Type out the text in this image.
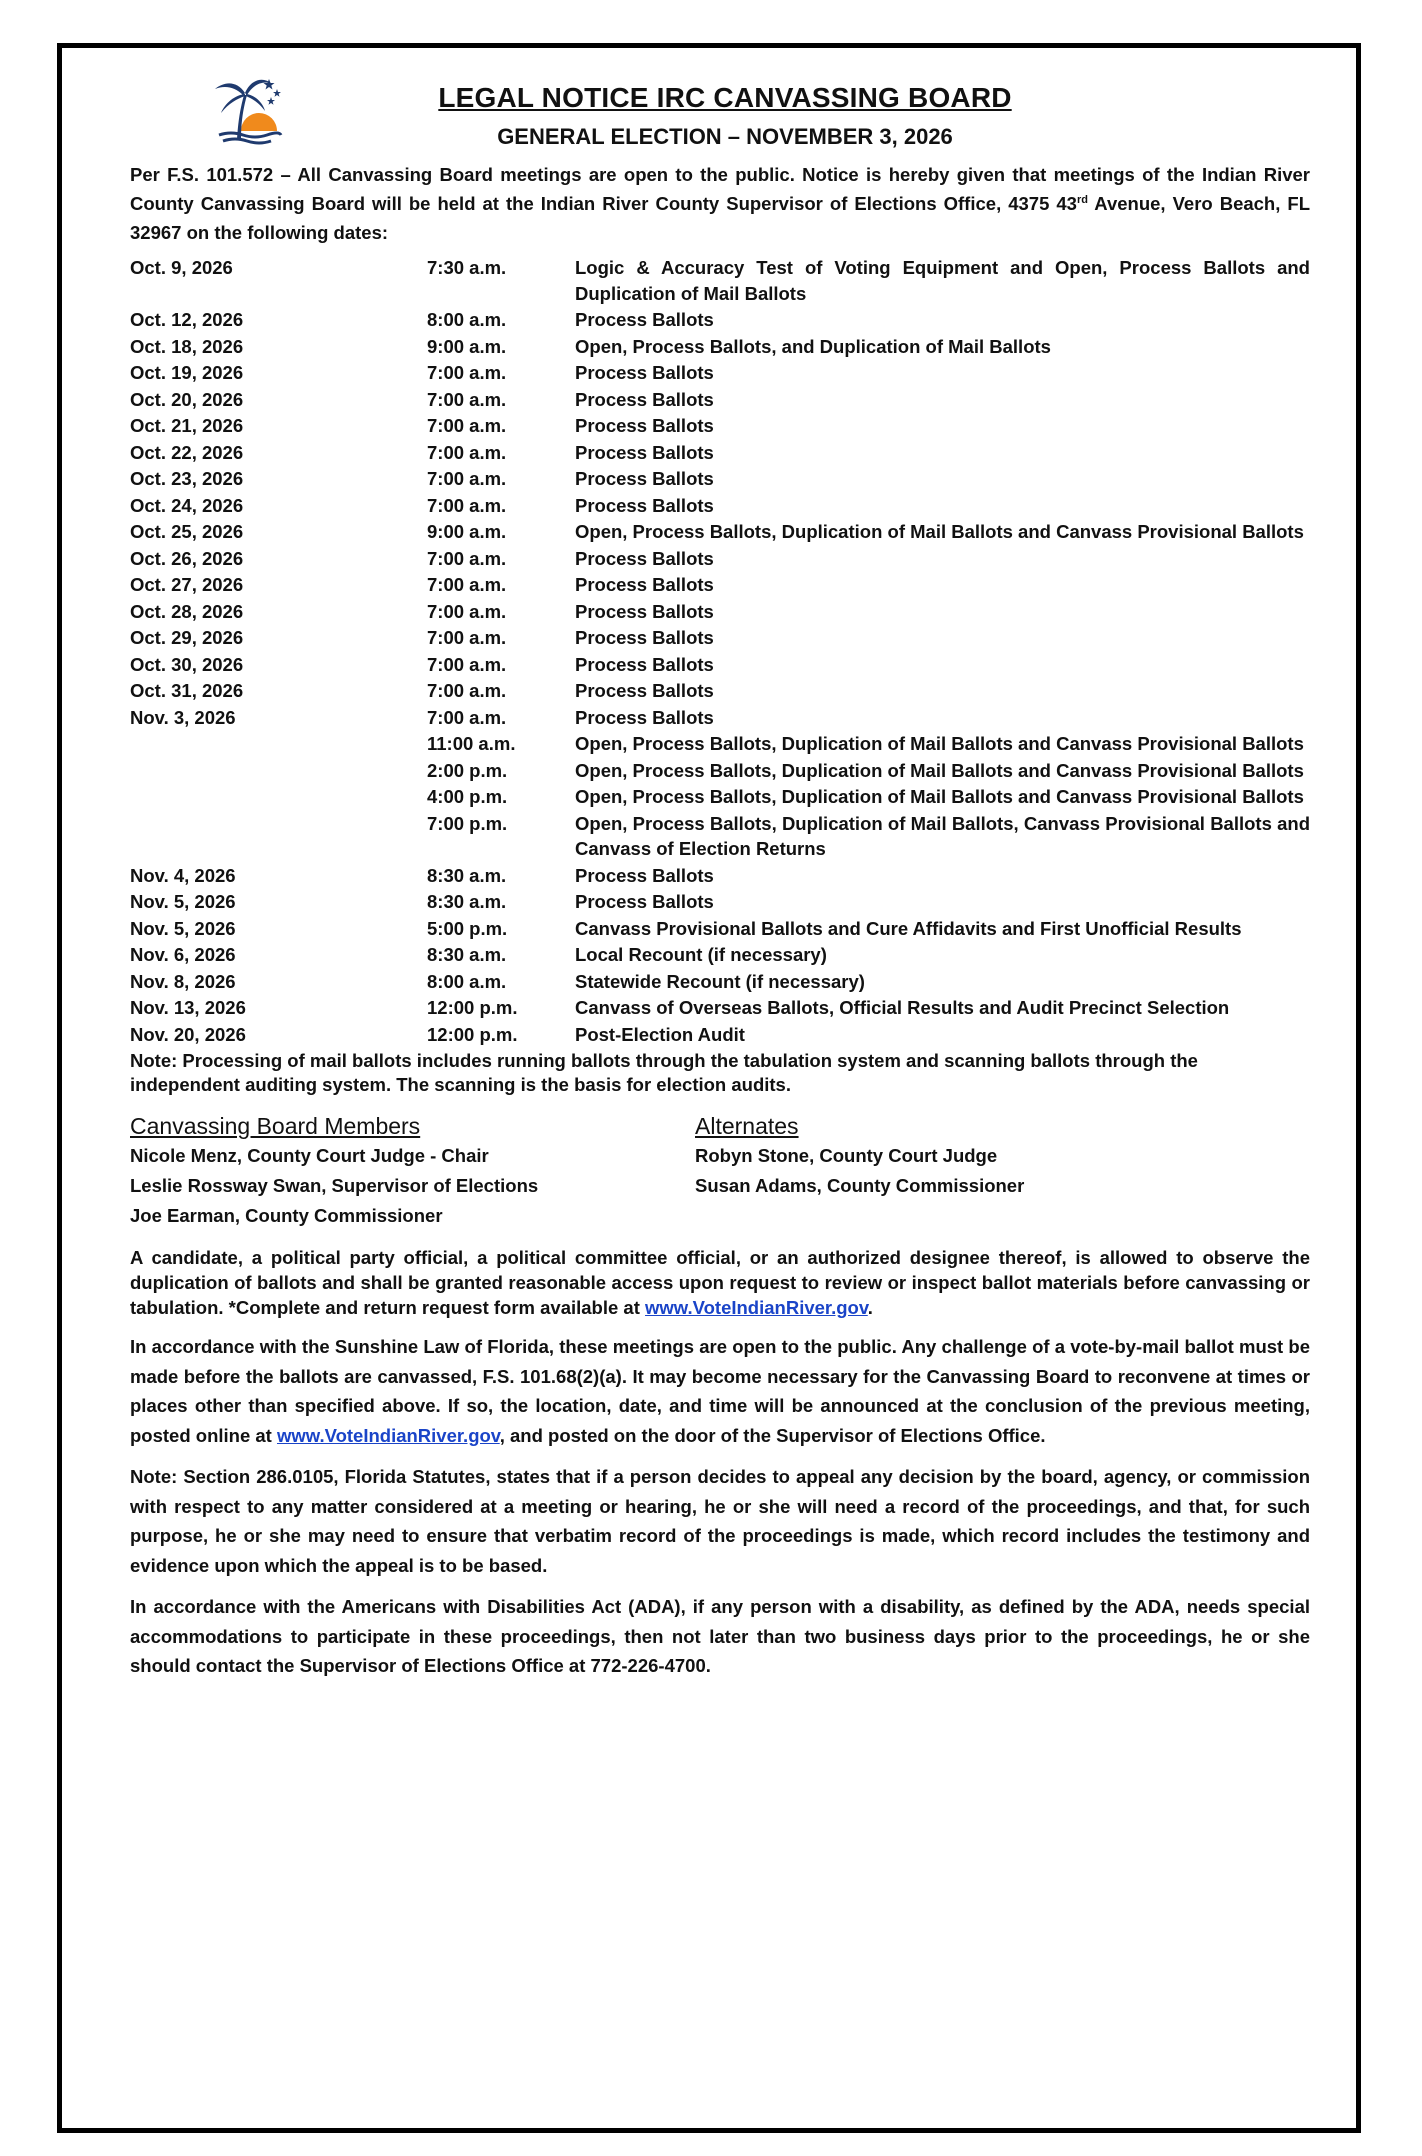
LEGAL NOTICE IRC CANVASSING BOARD
GENERAL ELECTION – NOVEMBER 3, 2026

Per F.S. 101.572 – All Canvassing Board meetings are open to the public. Notice is hereby given that meetings of the Indian River County Canvassing Board will be held at the Indian River County Supervisor of Elections Office, 4375 43rd Avenue, Vero Beach, FL 32967 on the following dates:

Oct. 9, 2026	7:30 a.m.	Logic & Accuracy Test of Voting Equipment and Open, Process Ballots and Duplication of Mail Ballots
Oct. 12, 2026	8:00 a.m.	Process Ballots
Oct. 18, 2026	9:00 a.m.	Open, Process Ballots, and Duplication of Mail Ballots
Oct. 19, 2026	7:00 a.m.	Process Ballots
Oct. 20, 2026	7:00 a.m.	Process Ballots
Oct. 21, 2026	7:00 a.m.	Process Ballots
Oct. 22, 2026	7:00 a.m.	Process Ballots
Oct. 23, 2026	7:00 a.m.	Process Ballots
Oct. 24, 2026	7:00 a.m.	Process Ballots
Oct. 25, 2026	9:00 a.m.	Open, Process Ballots, Duplication of Mail Ballots and Canvass Provisional Ballots
Oct. 26, 2026	7:00 a.m.	Process Ballots
Oct. 27, 2026	7:00 a.m.	Process Ballots
Oct. 28, 2026	7:00 a.m.	Process Ballots
Oct. 29, 2026	7:00 a.m.	Process Ballots
Oct. 30, 2026	7:00 a.m.	Process Ballots
Oct. 31, 2026	7:00 a.m.	Process Ballots
Nov. 3, 2026	7:00 a.m.	Process Ballots
	11:00 a.m.	Open, Process Ballots, Duplication of Mail Ballots and Canvass Provisional Ballots
	2:00 p.m.	Open, Process Ballots, Duplication of Mail Ballots and Canvass Provisional Ballots
	4:00 p.m.	Open, Process Ballots, Duplication of Mail Ballots and Canvass Provisional Ballots
	7:00 p.m.	Open, Process Ballots, Duplication of Mail Ballots, Canvass Provisional Ballots and Canvass of Election Returns
Nov. 4, 2026	8:30 a.m.	Process Ballots
Nov. 5, 2026	8:30 a.m.	Process Ballots
Nov. 5, 2026	5:00 p.m.	Canvass Provisional Ballots and Cure Affidavits and First Unofficial Results
Nov. 6, 2026	8:30 a.m.	Local Recount (if necessary)
Nov. 8, 2026	8:00 a.m.	Statewide Recount (if necessary)
Nov. 13, 2026	12:00 p.m.	Canvass of Overseas Ballots, Official Results and Audit Precinct Selection
Nov. 20, 2026	12:00 p.m.	Post-Election Audit

Note: Processing of mail ballots includes running ballots through the tabulation system and scanning ballots through the independent auditing system. The scanning is the basis for election audits.

Canvassing Board Members
Nicole Menz, County Court Judge - Chair
Leslie Rossway Swan, Supervisor of Elections
Joe Earman, County Commissioner
Alternates
Robyn Stone, County Court Judge
Susan Adams, County Commissioner

A candidate, a political party official, a political committee official, or an authorized designee thereof, is allowed to observe the duplication of ballots and shall be granted reasonable access upon request to review or inspect ballot materials before canvassing or tabulation. *Complete and return request form available at www.VoteIndianRiver.gov.

In accordance with the Sunshine Law of Florida, these meetings are open to the public. Any challenge of a vote-by-mail ballot must be made before the ballots are canvassed, F.S. 101.68(2)(a). It may become necessary for the Canvassing Board to reconvene at times or places other than specified above. If so, the location, date, and time will be announced at the conclusion of the previous meeting, posted online at www.VoteIndianRiver.gov, and posted on the door of the Supervisor of Elections Office.

Note: Section 286.0105, Florida Statutes, states that if a person decides to appeal any decision by the board, agency, or commission with respect to any matter considered at a meeting or hearing, he or she will need a record of the proceedings, and that, for such purpose, he or she may need to ensure that verbatim record of the proceedings is made, which record includes the testimony and evidence upon which the appeal is to be based.

In accordance with the Americans with Disabilities Act (ADA), if any person with a disability, as defined by the ADA, needs special accommodations to participate in these proceedings, then not later than two business days prior to the proceedings, he or she should contact the Supervisor of Elections Office at 772-226-4700.
